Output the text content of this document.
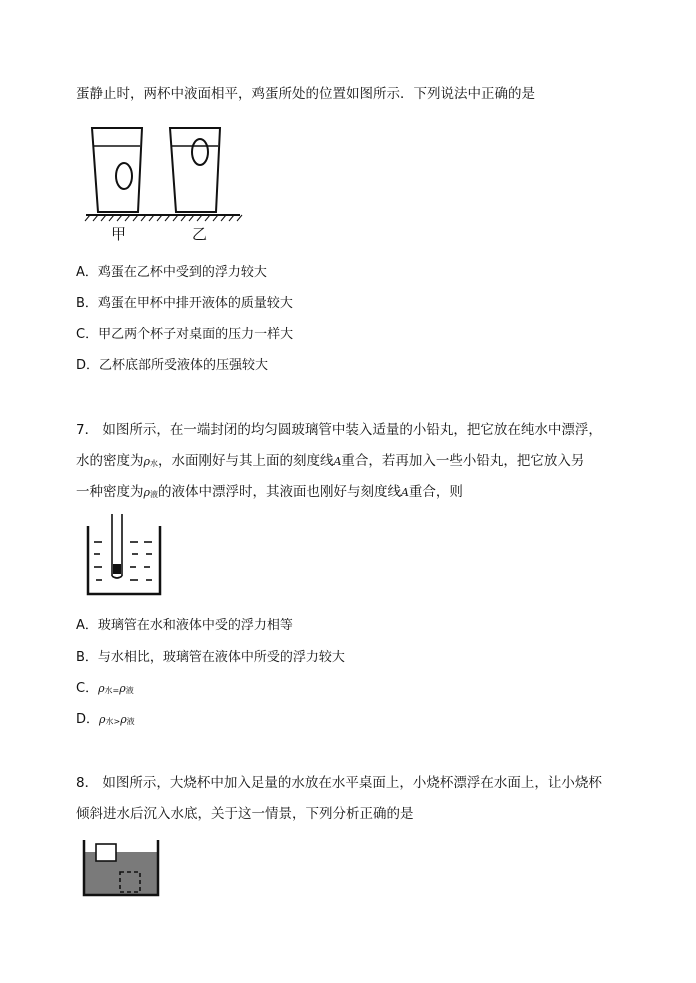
蛋静止时，两杯中液面相平，鸡蛋所处的位置如图所示．下列说法中正确的是
甲	乙
A．鸡蛋在乙杯中受到的浮力较大
B．鸡蛋在甲杯中排开液体的质量较大
C．甲乙两个杯子对桌面的压力一样大
D．乙杯底部所受液体的压强较大
7． 如图所示，在一端封闭的均匀圆玻璃管中装入适量的小铅丸，把它放在纯水中漂浮，
水的密度为ρ水，水面刚好与其上面的刻度线A重合，若再加入一些小铅丸，把它放入另
一种密度为ρ液的液体中漂浮时，其液面也刚好与刻度线A重合，则
A．玻璃管在水和液体中受的浮力相等
B．与水相比，玻璃管在液体中所受的浮力较大
C．ρ水=ρ液
D．ρ水>ρ液
8． 如图所示，大烧杯中加入足量的水放在水平桌面上，小烧杯漂浮在水面上，让小烧杯
倾斜进水后沉入水底，关于这一情景，下列分析正确的是
